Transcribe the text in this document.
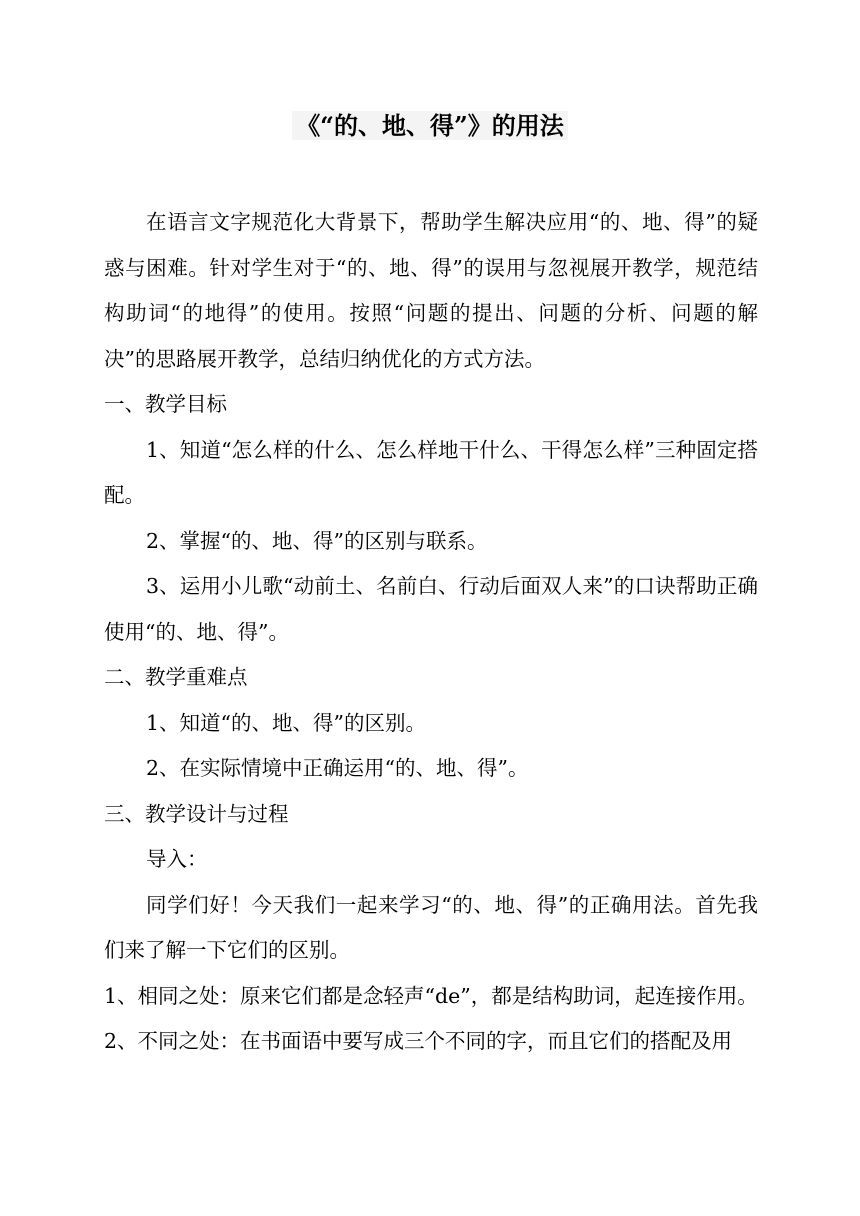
《“的、地、得”》的用法

在语言文字规范化大背景下，帮助学生解决应用“的、地、得”的疑惑与困难。针对学生对于“的、地、得”的误用与忽视展开教学，规范结构助词“的地得”的使用。按照“问题的提出、问题的分析、问题的解决”的思路展开教学，总结归纳优化的方式方法。

一、教学目标

1、知道“怎么样的什么、怎么样地干什么、干得怎么样”三种固定搭配。

2、掌握“的、地、得”的区别与联系。

3、运用小儿歌“动前土、名前白、行动后面双人来”的口诀帮助正确使用“的、地、得”。

二、教学重难点

1、知道“的、地、得”的区别。

2、在实际情境中正确运用“的、地、得”。

三、教学设计与过程

导入：

同学们好！今天我们一起来学习“的、地、得”的正确用法。首先我们来了解一下它们的区别。

1、相同之处：原来它们都是念轻声“de”，都是结构助词，起连接作用。

2、不同之处：在书面语中要写成三个不同的字，而且它们的搭配及用
